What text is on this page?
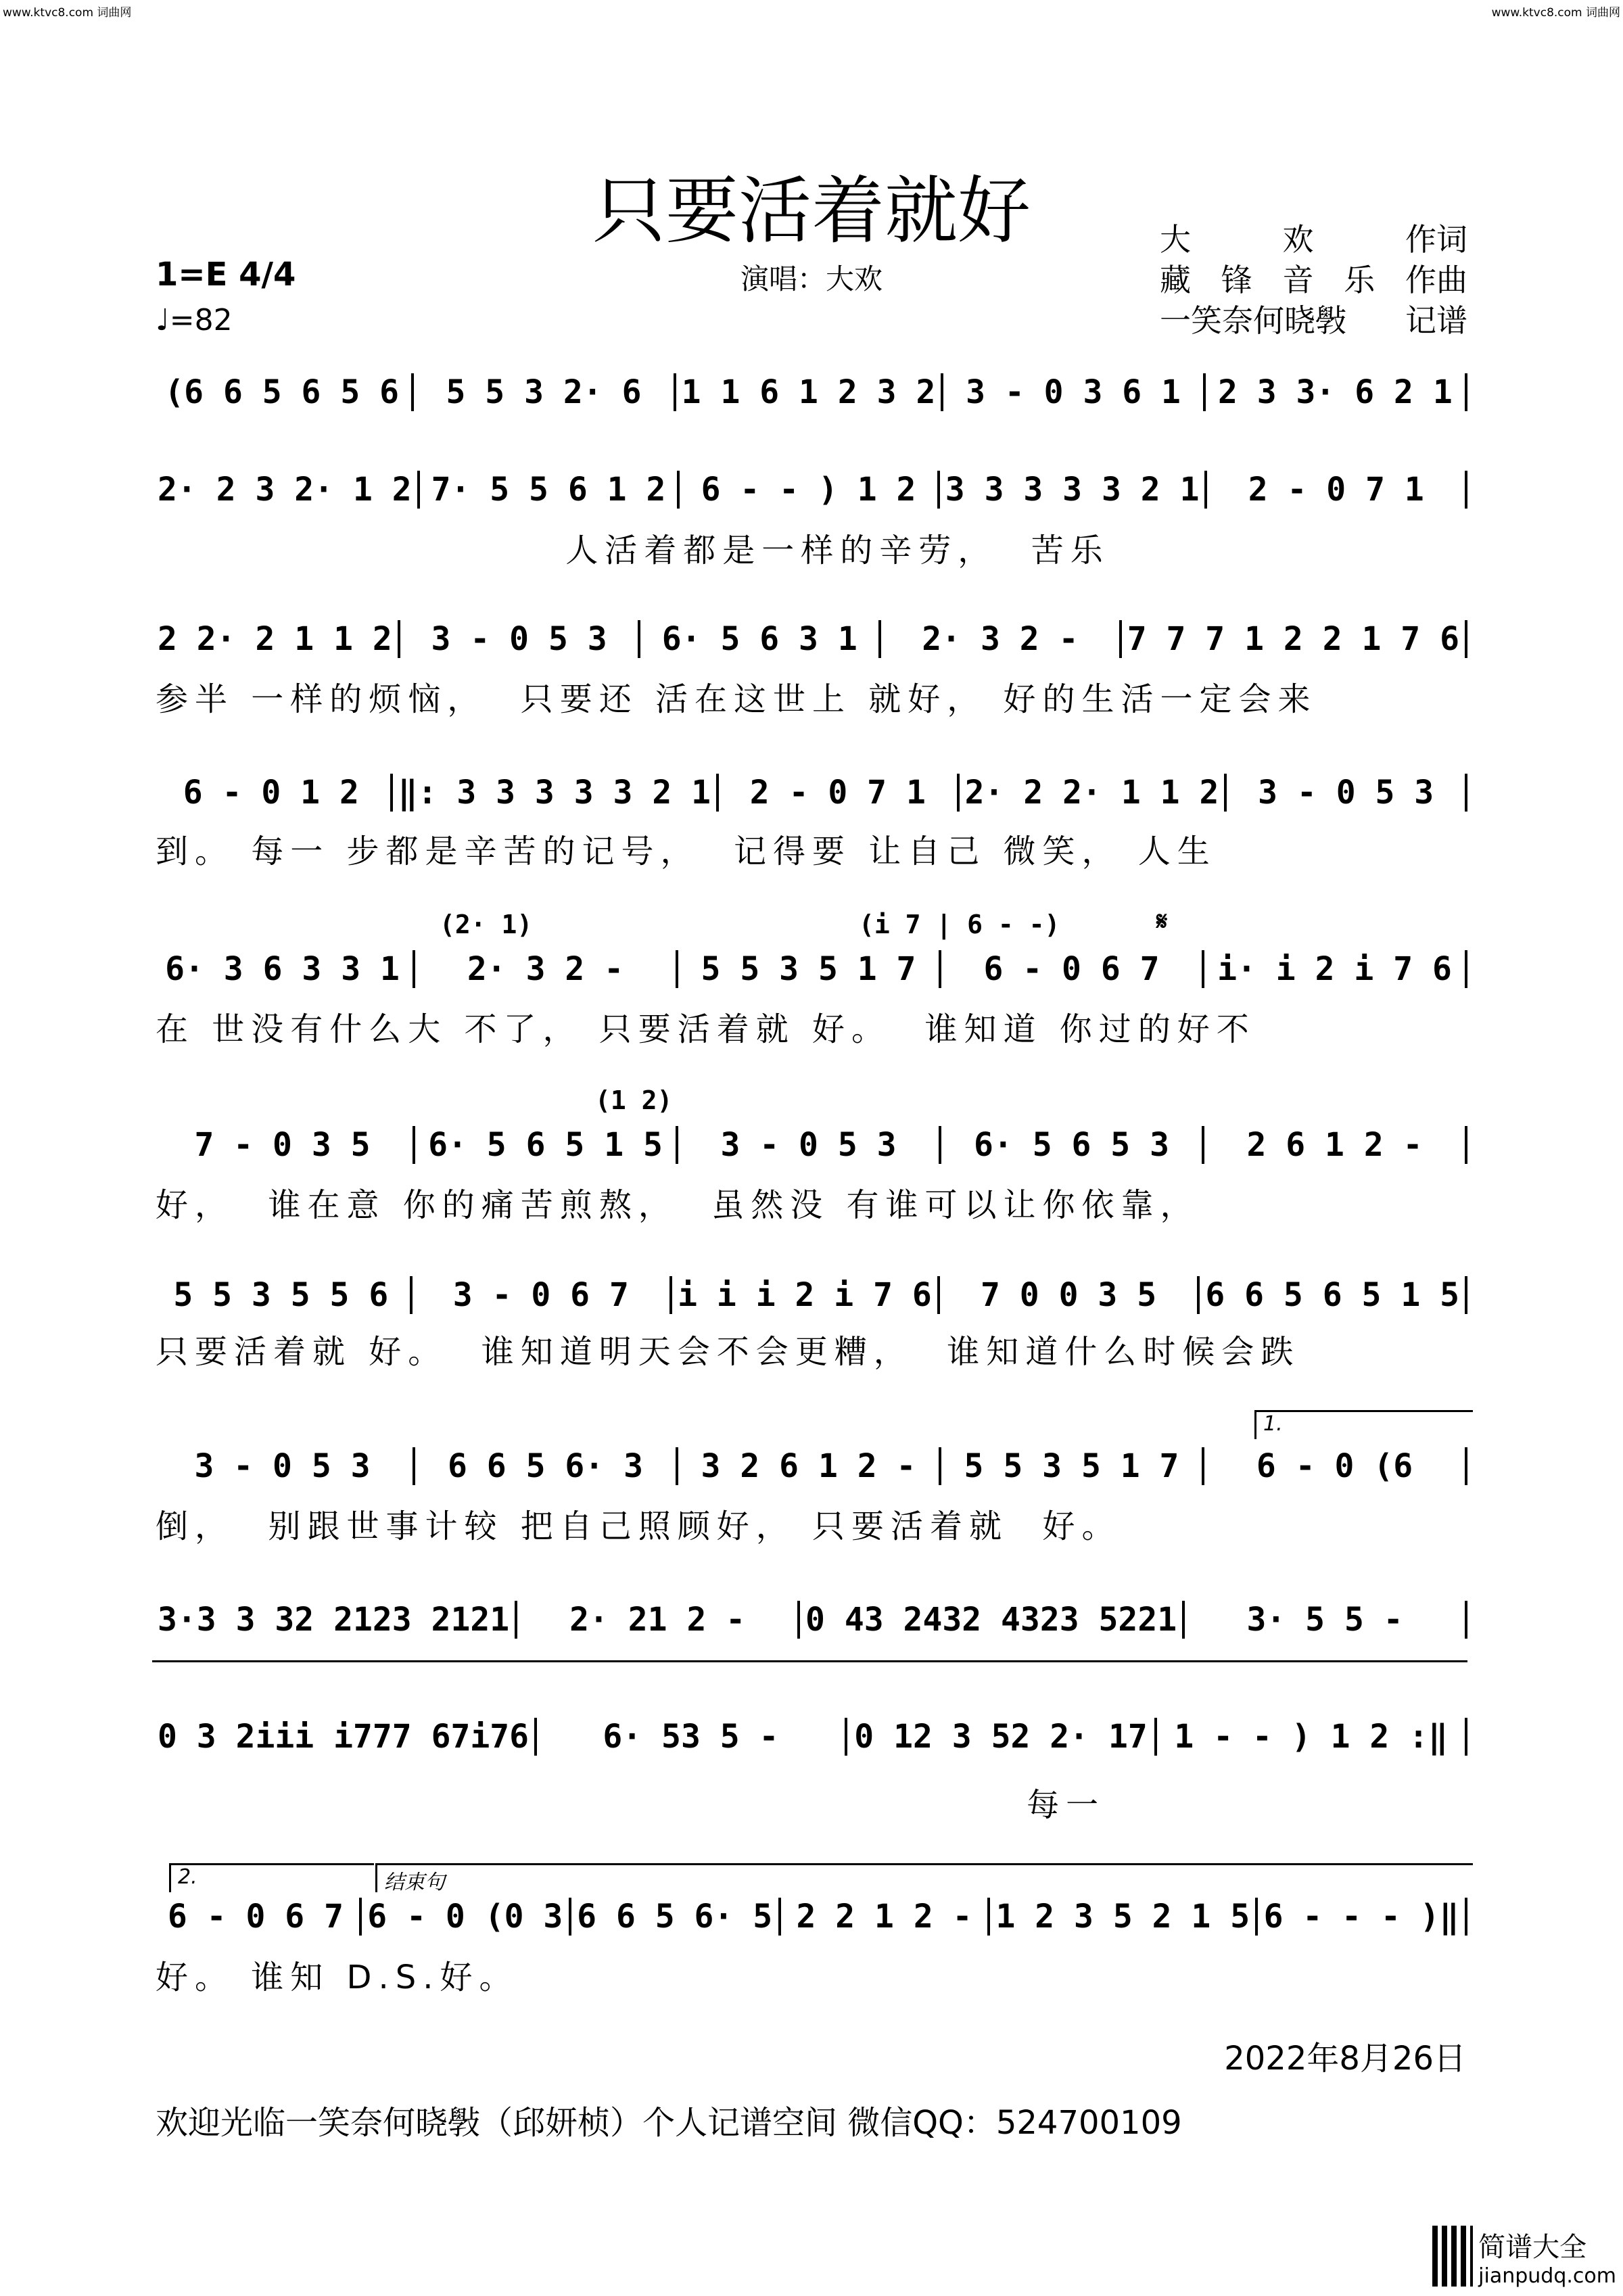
www.ktvc8.com 词曲网	www.ktvc8.com 词曲网
只要活着就好
1=E 4/4
♩=82
演唱：大欢
大	欢	作词
藏 锋 音 乐 作曲
一笑奈何晓斅 记谱
(6 6 5 6 5 6	5 5 3 2· 6	1 1 6 1 2 3 2 3 - 0 3 6 1	2 3 3· 6 2 1
2· 2 3 2· 1 2 7· 5 5 6 1 2	6 - - ) 1 2 3 3 3 3 3 2 1	2 - 0 7 1
人活着都是一样的辛劳，  苦乐
2 2· 2 1 1 2	3 - 0 5 3	6· 5 6 3 1	2· 3 2 -	7 7 7 1 2 2 1 7 6
参半 一样的烦恼，  只要还 活在这世上 就好， 好的生活一定会来
6 - 0 1 2	‖: 3 3 3 3 3 2 1	2 - 0 7 1	2· 2 2· 1 1 2	3 - 0 5 3
到。 每一 步都是辛苦的记号，  记得要 让自己 微笑， 人生
6· 3 6 3 3 1	2· 3 2 -	5 5 3 5 1 7	6 - 0 6 7	i· i 2 i 7 6
在 世没有什么大 不了， 只要活着就 好。  谁知道 你过的好不
(2· 1)	(i 7 | 6 - -)	𝄋
7 - 0 3 5	6· 5 6 5 1 5	3 - 0 5 3	6· 5 6 5 3	2 6 1 2 -
好，  谁在意 你的痛苦煎熬，  虽然没 有谁可以让你依靠，
(1 2)
5 5 3 5 5 6	3 - 0 6 7	i i i 2 i 7 6	7 0 0 3 5	6 6 5 6 5 1 5
只要活着就 好。  谁知道明天会不会更糟，  谁知道什么时候会跌
3 - 0 5 3	6 6 5 6· 3	3 2 6 1 2 -	5 5 3 5 1 7	6 - 0 (6
倒，  别跟世事计较 把自己照顾好， 只要活着就  好。
1.
3·3 3 32 2123 2121	2· 21 2 -	0 43 2432 4323 5221	3· 5 5 -
0 3 2iii i777 67i76	6· 53 5 -	0 12 3 52 2· 17 1 - - ) 1 2 :‖
每一
6 - 0 6 7 6 - 0 (0 3 6 6 5 6· 5 2 2 1 2 - 1 2 3 5 2 1 5 6 - - - )‖
好。 谁知 D.S.好。
2.	结束句
2022年8月26日
欢迎光临一笑奈何晓斅（邱妍桢）个人记谱空间 微信QQ：524700109
简谱大全
jianpudq.com
